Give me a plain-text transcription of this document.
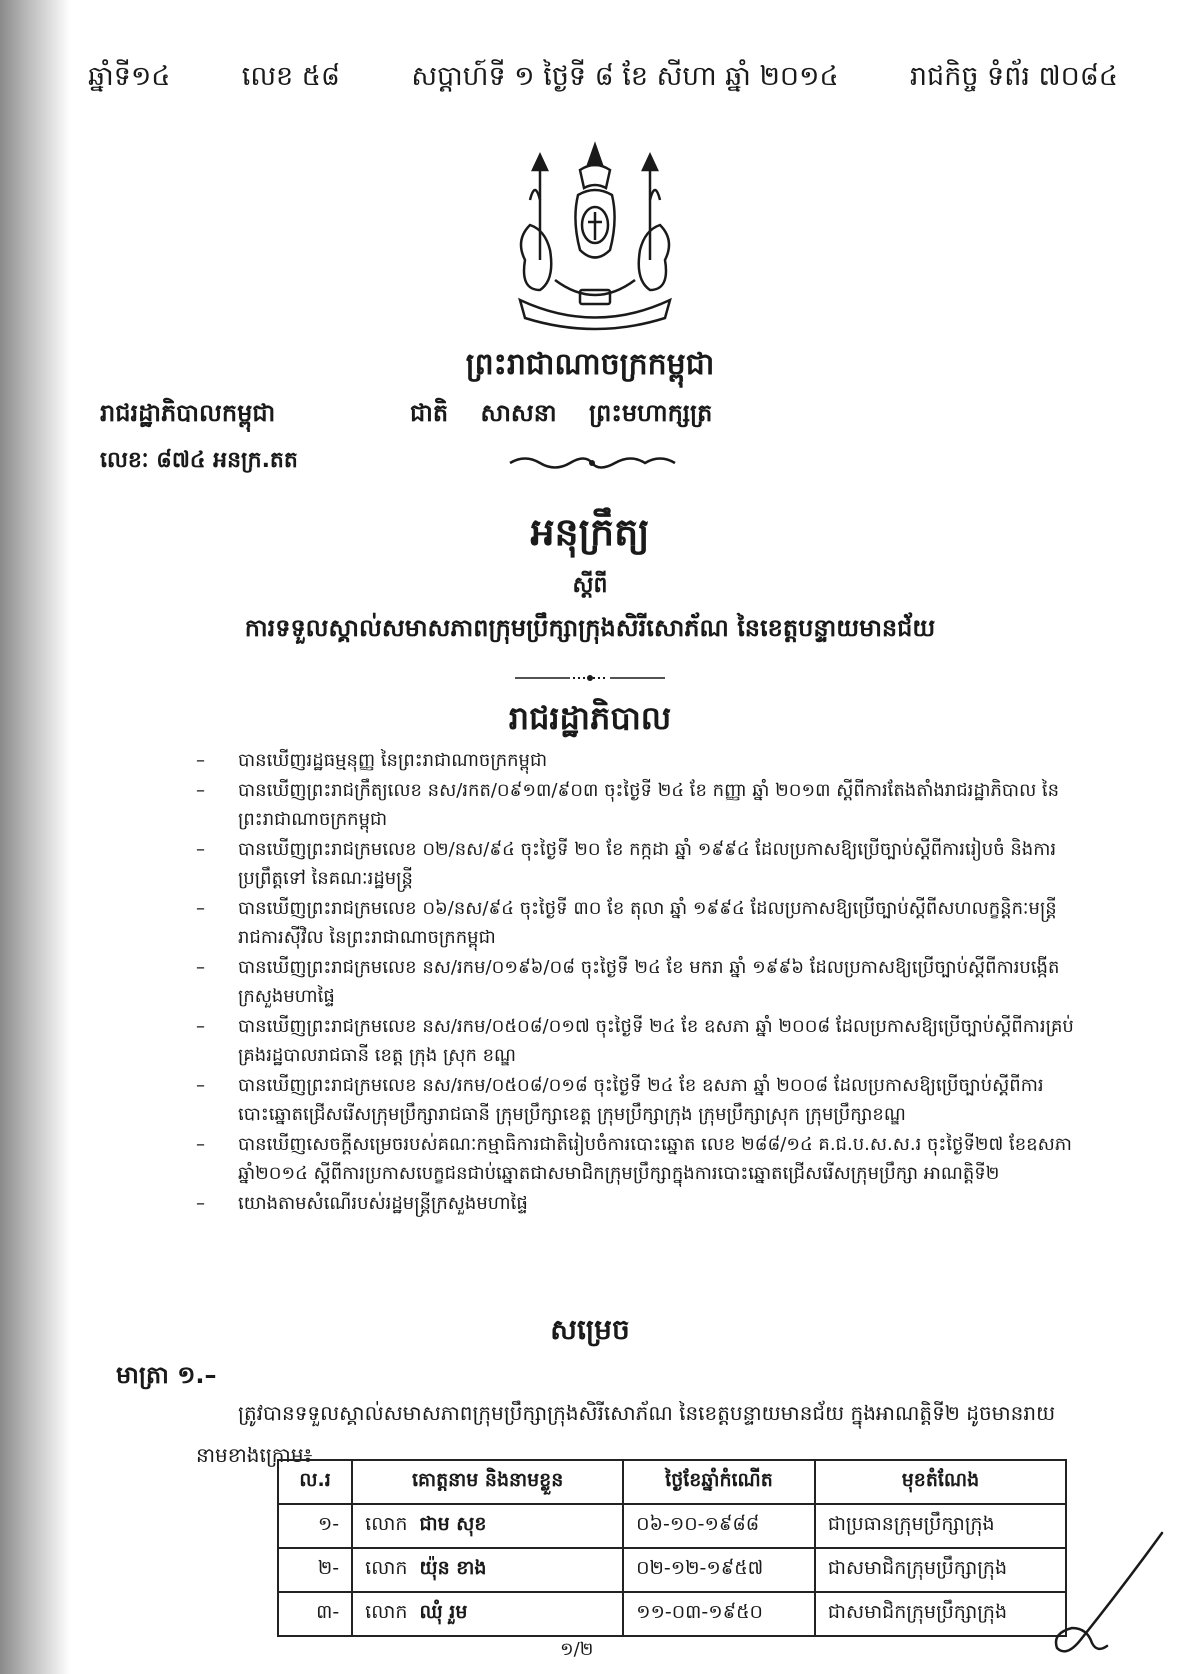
ឆ្នាំទី១៤	លេខ ៥៨	សប្តាហ៍ទី ១ ថ្ងៃទី ៨ ខែ សីហា ឆ្នាំ ២០១៤	រាជកិច្ច ទំព័រ ៧០៨៤
ព្រះរាជាណាចក្រកម្ពុជា
រាជរដ្ឋាភិបាលកម្ពុជា	ជាតិ សាសនា ព្រះមហាក្សត្រ
លេខៈ ៨៧៤ អនក្រ.តត
អនុក្រឹត្យ
ស្តីពី
ការទទួលស្គាល់សមាសភាពក្រុមប្រឹក្សាក្រុងសិរីសោភ័ណ នៃខេត្តបន្ទាយមានជ័យ
រាជរដ្ឋាភិបាល
– បានឃើញរដ្ឋធម្មនុញ្ញ នៃព្រះរាជាណាចក្រកម្ពុជា
– បានឃើញព្រះរាជក្រឹត្យលេខ នស/រកត/០៩១៣/៩០៣ ចុះថ្ងៃទី ២៤ ខែ កញ្ញា ឆ្នាំ ២០១៣ ស្តីពីការតែងតាំងរាជរដ្ឋាភិបាល នៃព្រះរាជាណាចក្រកម្ពុជា
– បានឃើញព្រះរាជក្រមលេខ ០២/នស/៩៤ ចុះថ្ងៃទី ២០ ខែ កក្កដា ឆ្នាំ ១៩៩៤ ដែលប្រកាសឱ្យប្រើច្បាប់ស្តីពីការរៀបចំ និងការប្រព្រឹត្តទៅ នៃគណៈរដ្ឋមន្ត្រី
– បានឃើញព្រះរាជក្រមលេខ ០៦/នស/៩៤ ចុះថ្ងៃទី ៣០ ខែ តុលា ឆ្នាំ ១៩៩៤ ដែលប្រកាសឱ្យប្រើច្បាប់ស្តីពីសហលក្ខន្តិកៈមន្ត្រីរាជការស៊ីវិល នៃព្រះរាជាណាចក្រកម្ពុជា
– បានឃើញព្រះរាជក្រមលេខ នស/រកម/០១៩៦/០៨ ចុះថ្ងៃទី ២៤ ខែ មករា ឆ្នាំ ១៩៩៦ ដែលប្រកាសឱ្យប្រើច្បាប់ស្តីពីការបង្កើតក្រសួងមហាផ្ទៃ
– បានឃើញព្រះរាជក្រមលេខ នស/រកម/០៥០៨/០១៧ ចុះថ្ងៃទី ២៤ ខែ ឧសភា ឆ្នាំ ២០០៨ ដែលប្រកាសឱ្យប្រើច្បាប់ស្តីពីការគ្រប់គ្រងរដ្ឋបាលរាជធានី ខេត្ត ក្រុង ស្រុក ខណ្ឌ
– បានឃើញព្រះរាជក្រមលេខ នស/រកម/០៥០៨/០១៨ ចុះថ្ងៃទី ២៤ ខែ ឧសភា ឆ្នាំ ២០០៨ ដែលប្រកាសឱ្យប្រើច្បាប់ស្តីពីការបោះឆ្នោតជ្រើសរើសក្រុមប្រឹក្សារាជធានី ក្រុមប្រឹក្សាខេត្ត ក្រុមប្រឹក្សាក្រុង ក្រុមប្រឹក្សាស្រុក ក្រុមប្រឹក្សាខណ្ឌ
– បានឃើញសេចក្តីសម្រេចរបស់គណៈកម្មាធិការជាតិរៀបចំការបោះឆ្នោត លេខ ២៨៨/១៤ គ.ជ.ប.ស.ស.រ ចុះថ្ងៃទី២៧ ខែឧសភា ឆ្នាំ២០១៤ ស្តីពីការប្រកាសបេក្ខជនជាប់ឆ្នោតជាសមាជិកក្រុមប្រឹក្សាក្នុងការបោះឆ្នោតជ្រើសរើសក្រុមប្រឹក្សា អាណត្តិទី២
– យោងតាមសំណើរបស់រដ្ឋមន្ត្រីក្រសួងមហាផ្ទៃ
សម្រេច
មាត្រា ១.–
ត្រូវបានទទួលស្គាល់សមាសភាពក្រុមប្រឹក្សាក្រុងសិរីសោភ័ណ នៃខេត្តបន្ទាយមានជ័យ ក្នុងអាណត្តិទី២ ដូចមានរាយនាមខាងក្រោម៖
ល.រ	គោត្តនាម និងនាមខ្លួន	ថ្ងៃខែឆ្នាំកំណើត	មុខតំណែង
១-	លោក ជាម សុខ	០៦-១០-១៩៨៨	ជាប្រធានក្រុមប្រឹក្សាក្រុង
២-	លោក យ៉ុន ខាង	០២-១២-១៩៥៧	ជាសមាជិកក្រុមប្រឹក្សាក្រុង
៣-	លោក ឈុំ រួម	១១-០៣-១៩៥០	ជាសមាជិកក្រុមប្រឹក្សាក្រុង
១/២
